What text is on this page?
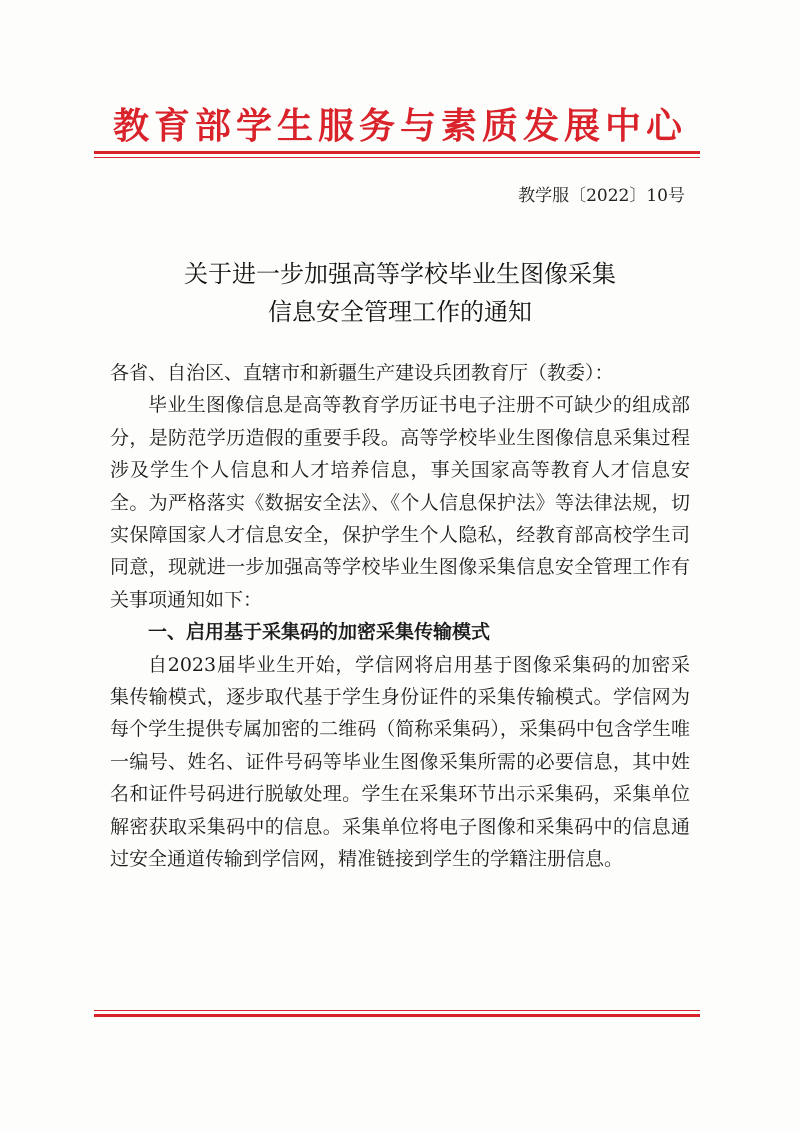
教育部学生服务与素质发展中心
教学服〔2022〕10号
关于进一步加强高等学校毕业生图像采集
信息安全管理工作的通知

各省、自治区、直辖市和新疆生产建设兵团教育厅（教委）：

毕业生图像信息是高等教育学历证书电子注册不可缺少的组成部分，是防范学历造假的重要手段。高等学校毕业生图像信息采集过程涉及学生个人信息和人才培养信息，事关国家高等教育人才信息安全。为严格落实《数据安全法》、《个人信息保护法》等法律法规，切实保障国家人才信息安全，保护学生个人隐私，经教育部高校学生司同意，现就进一步加强高等学校毕业生图像采集信息安全管理工作有关事项通知如下：

一、启用基于采集码的加密采集传输模式

自2023届毕业生开始，学信网将启用基于图像采集码的加密采集传输模式，逐步取代基于学生身份证件的采集传输模式。学信网为每个学生提供专属加密的二维码（简称采集码），采集码中包含学生唯一编号、姓名、证件号码等毕业生图像采集所需的必要信息，其中姓名和证件号码进行脱敏处理。学生在采集环节出示采集码，采集单位解密获取采集码中的信息。采集单位将电子图像和采集码中的信息通过安全通道传输到学信网，精准链接到学生的学籍注册信息。
